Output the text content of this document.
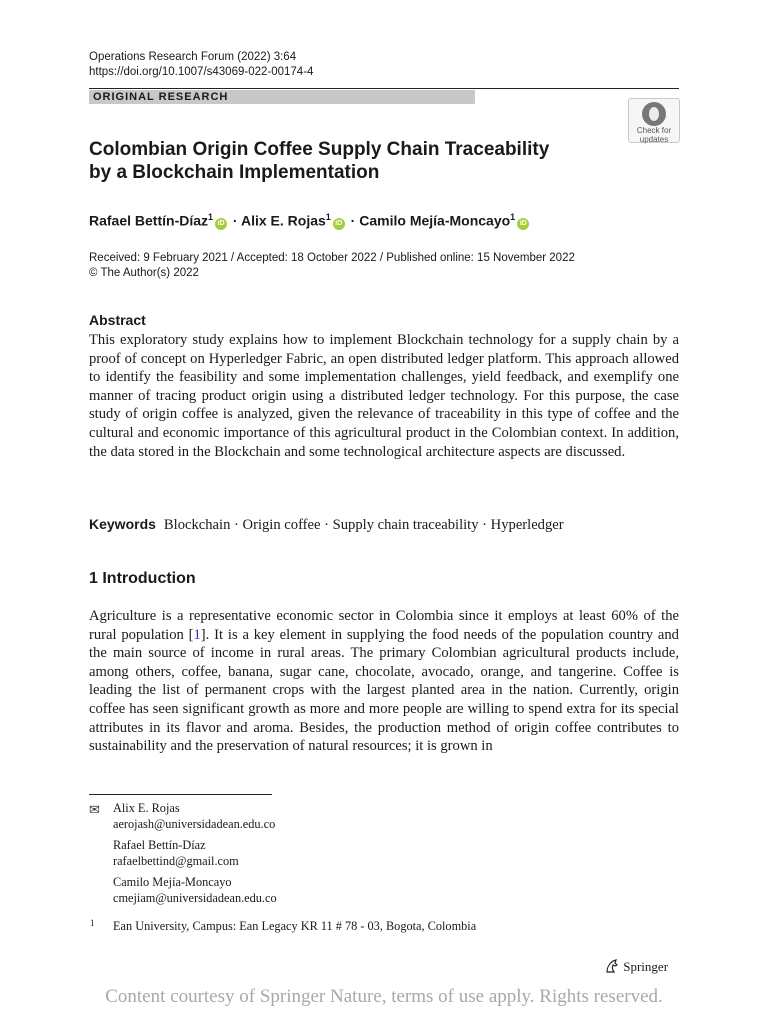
Operations Research Forum (2022) 3:64
https://doi.org/10.1007/s43069-022-00174-4
ORIGINAL RESEARCH
Check for
updates
Colombian Origin Coffee Supply Chain Traceability
by a Blockchain Implementation
Rafael Bettín-Díaz$^1$iD · Alix E. Rojas$^1$iD · Camilo Mejía-Moncayo$^1$iD
Received: 9 February 2021 / Accepted: 18 October 2022 / Published online: 15 November 2022
© The Author(s) 2022
Abstract
This exploratory study explains how to implement Blockchain technology for a supply chain by a proof of concept on Hyperledger Fabric, an open distributed ledger platform. This approach allowed to identify the feasibility and some implementation challenges, yield feedback, and exemplify one manner of tracing product origin using a distributed ledger technology. For this purpose, the case study of origin coffee is analyzed, given the relevance of traceability in this type of coffee and the cultural and economic importance of this agricultural product in the Colombian context. In addition, the data stored in the Blockchain and some technological architecture aspects are discussed.
Keywords Blockchain · Origin coffee · Supply chain traceability · Hyperledger
1 Introduction
Agriculture is a representative economic sector in Colombia since it employs at least 60% of the rural population [1]. It is a key element in supplying the food needs of the population country and the main source of income in rural areas. The primary Colombian agricultural products include, among others, coffee, banana, sugar cane, chocolate, avocado, orange, and tangerine. Coffee is leading the list of permanent crops with the largest planted area in the nation. Currently, origin coffee has seen significant growth as more and more people are willing to spend extra for its special attributes in its flavor and aroma. Besides, the production method of origin coffee contributes to sustainability and the preservation of natural resources; it is grown in
✉ Alix E. Rojas
aerojash@universidadean.edu.co
Rafael Bettín-Díaz
rafaelbettind@gmail.com
Camilo Mejía-Moncayo
cmejiam@universidadean.edu.co
1 Ean University, Campus: Ean Legacy KR 11 # 78 - 03, Bogota, Colombia
Springer
Content courtesy of Springer Nature, terms of use apply. Rights reserved.
